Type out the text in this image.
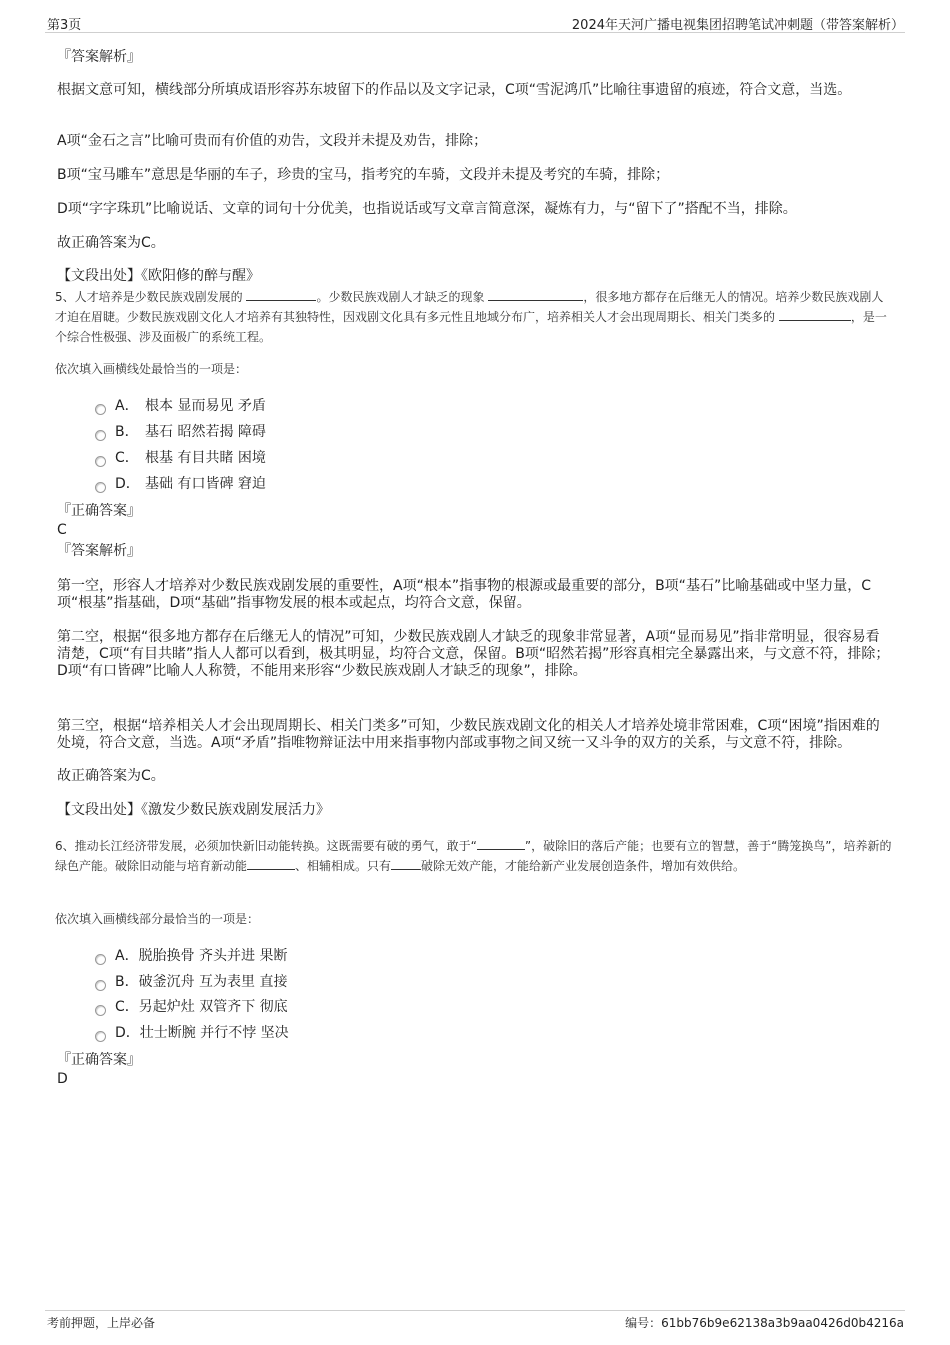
第3页	2024年天河广播电视集团招聘笔试冲刺题（带答案解析）
『答案解析』

根据文意可知，横线部分所填成语形容苏东坡留下的作品以及文字记录，C项“雪泥鸿爪”比喻往事遗留的痕迹，符合文意，当选。

A项“金石之言”比喻可贵而有价值的劝告，文段并未提及劝告，排除；

B项“宝马雕车”意思是华丽的车子，珍贵的宝马，指考究的车骑，文段并未提及考究的车骑，排除；

D项“字字珠玑”比喻说话、文章的词句十分优美，也指说话或写文章言简意深，凝炼有力，与“留下了”搭配不当，排除。

故正确答案为C。

【文段出处】《欧阳修的醉与醒》

5、人才培养是少数民族戏剧发展的	。少数民族戏剧人才缺乏的现象	，很多地方都存在后继无人的情况。培养少数民族戏剧人才迫在眉睫。少数民族戏剧文化人才培养有其独特性，因戏剧文化具有多元性且地域分布广，培养相关人才会出现周期长、相关门类多的	，是一个综合性极强、涉及面极广的系统工程。

依次填入画横线处最恰当的一项是：
A． 根本 显而易见 矛盾
B． 基石 昭然若揭 障碍
C． 根基 有目共睹 困境
D． 基础 有口皆碑 窘迫
『正确答案』
C
『答案解析』

第一空，形容人才培养对少数民族戏剧发展的重要性，A项“根本”指事物的根源或最重要的部分，B项“基石”比喻基础或中坚力量，C项“根基”指基础，D项“基础”指事物发展的根本或起点，均符合文意，保留。

第二空，根据“很多地方都存在后继无人的情况”可知，少数民族戏剧人才缺乏的现象非常显著，A项“显而易见”指非常明显，很容易看清楚，C项“有目共睹”指人人都可以看到，极其明显，均符合文意，保留。B项“昭然若揭”形容真相完全暴露出来，与文意不符，排除；D项“有口皆碑”比喻人人称赞，不能用来形容“少数民族戏剧人才缺乏的现象”，排除。

第三空，根据“培养相关人才会出现周期长、相关门类多”可知，少数民族戏剧文化的相关人才培养处境非常困难，C项“困境”指困难的处境，符合文意，当选。A项“矛盾”指唯物辩证法中用来指事物内部或事物之间又统一又斗争的双方的关系，与文意不符，排除。

故正确答案为C。

【文段出处】《激发少数民族戏剧发展活力》

6、推动长江经济带发展，必须加快新旧动能转换。这既需要有破的勇气，敢于“	”，破除旧的落后产能；也要有立的智慧，善于“腾笼换鸟”，培养新的绿色产能。破除旧动能与培育新动能	、相辅相成。只有	破除无效产能，才能给新产业发展创造条件，增加有效供给。

依次填入画横线部分最恰当的一项是：
A． 脱胎换骨 齐头并进 果断
B． 破釜沉舟 互为表里 直接
C． 另起炉灶 双管齐下 彻底
D． 壮士断腕 并行不悖 坚决
『正确答案』
D
考前押题，上岸必备	编号：61bb76b9e62138a3b9aa0426d0b4216a
